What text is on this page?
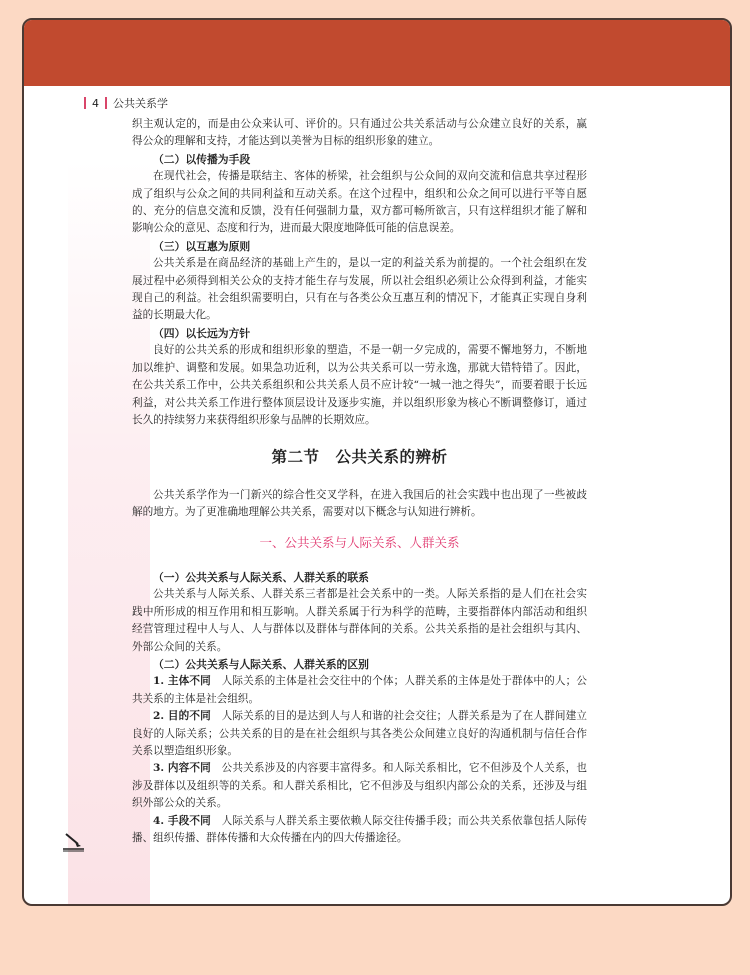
4 公共关系学

织主观认定的，而是由公众来认可、评价的。只有通过公共关系活动与公众建立良好的关系，赢得公众的理解和支持，才能达到以美誉为目标的组织形象的建立。

（二）以传播为手段

在现代社会，传播是联结主、客体的桥梁，社会组织与公众间的双向交流和信息共享过程形成了组织与公众之间的共同利益和互动关系。在这个过程中，组织和公众之间可以进行平等自愿的、充分的信息交流和反馈，没有任何强制力量，双方都可畅所欲言，只有这样组织才能了解和影响公众的意见、态度和行为，进而最大限度地降低可能的信息误差。

（三）以互惠为原则

公共关系是在商品经济的基础上产生的，是以一定的利益关系为前提的。一个社会组织在发展过程中必须得到相关公众的支持才能生存与发展，所以社会组织必须让公众得到利益，才能实现自己的利益。社会组织需要明白，只有在与各类公众互惠互利的情况下，才能真正实现自身利益的长期最大化。

（四）以长远为方针

良好的公共关系的形成和组织形象的塑造，不是一朝一夕完成的，需要不懈地努力，不断地加以维护、调整和发展。如果急功近利，以为公共关系可以一劳永逸，那就大错特错了。因此，在公共关系工作中，公共关系组织和公共关系人员不应计较“一城一池之得失”，而要着眼于长远利益，对公共关系工作进行整体顶层设计及逐步实施，并以组织形象为核心不断调整修订，通过长久的持续努力来获得组织形象与品牌的长期效应。

第二节　公共关系的辨析

公共关系学作为一门新兴的综合性交叉学科，在进入我国后的社会实践中也出现了一些被歧解的地方。为了更准确地理解公共关系，需要对以下概念与认知进行辨析。

一、公共关系与人际关系、人群关系
（一）公共关系与人际关系、人群关系的联系

公共关系与人际关系、人群关系三者都是社会关系中的一类。人际关系指的是人们在社会实践中所形成的相互作用和相互影响。人群关系属于行为科学的范畴，主要指群体内部活动和组织经营管理过程中人与人、人与群体以及群体与群体间的关系。公共关系指的是社会组织与其内、外部公众间的关系。

（二）公共关系与人际关系、人群关系的区别

1. 主体不同　 人际关系的主体是社会交往中的个体；人群关系的主体是处于群体中的人；公共关系的主体是社会组织。

2. 目的不同　 人际关系的目的是达到人与人和谐的社会交往；人群关系是为了在人群间建立良好的人际关系；公共关系的目的是在社会组织与其各类公众间建立良好的沟通机制与信任合作关系以塑造组织形象。

3. 内容不同　 公共关系涉及的内容要丰富得多。和人际关系相比，它不但涉及个人关系，也涉及群体以及组织等的关系。和人群关系相比，它不但涉及与组织内部公众的关系，还涉及与组织外部公众的关系。

4. 手段不同　 人际关系与人群关系主要依赖人际交往传播手段；而公共关系依靠包括人际传播、组织传播、群体传播和大众传播在内的四大传播途径。
